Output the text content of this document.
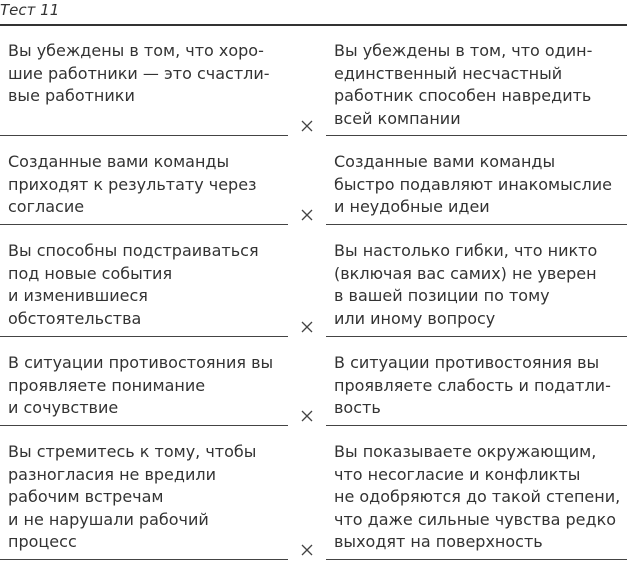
Тест 11
Вы убеждены в том, что хоро-
шие работники — это счастли-
вые работники
Вы убеждены в том, что один-
единственный несчастный
работник способен навредить
всей компании
Созданные вами команды
приходят к результату через
согласие
Созданные вами команды
быстро подавляют инакомыслие
и неудобные идеи
Вы способны подстраиваться
под новые события
и изменившиеся
обстоятельства
Вы настолько гибки, что никто
(включая вас самих) не уверен
в вашей позиции по тому
или иному вопросу
В ситуации противостояния вы
проявляете понимание
и сочувствие
В ситуации противостояния вы
проявляете слабость и податли-
вость
Вы стремитесь к тому, чтобы
разногласия не вредили
рабочим встречам
и не нарушали рабочий
процесс
Вы показываете окружающим,
что несогласие и конфликты
не одобряются до такой степени,
что даже сильные чувства редко
выходят на поверхность
